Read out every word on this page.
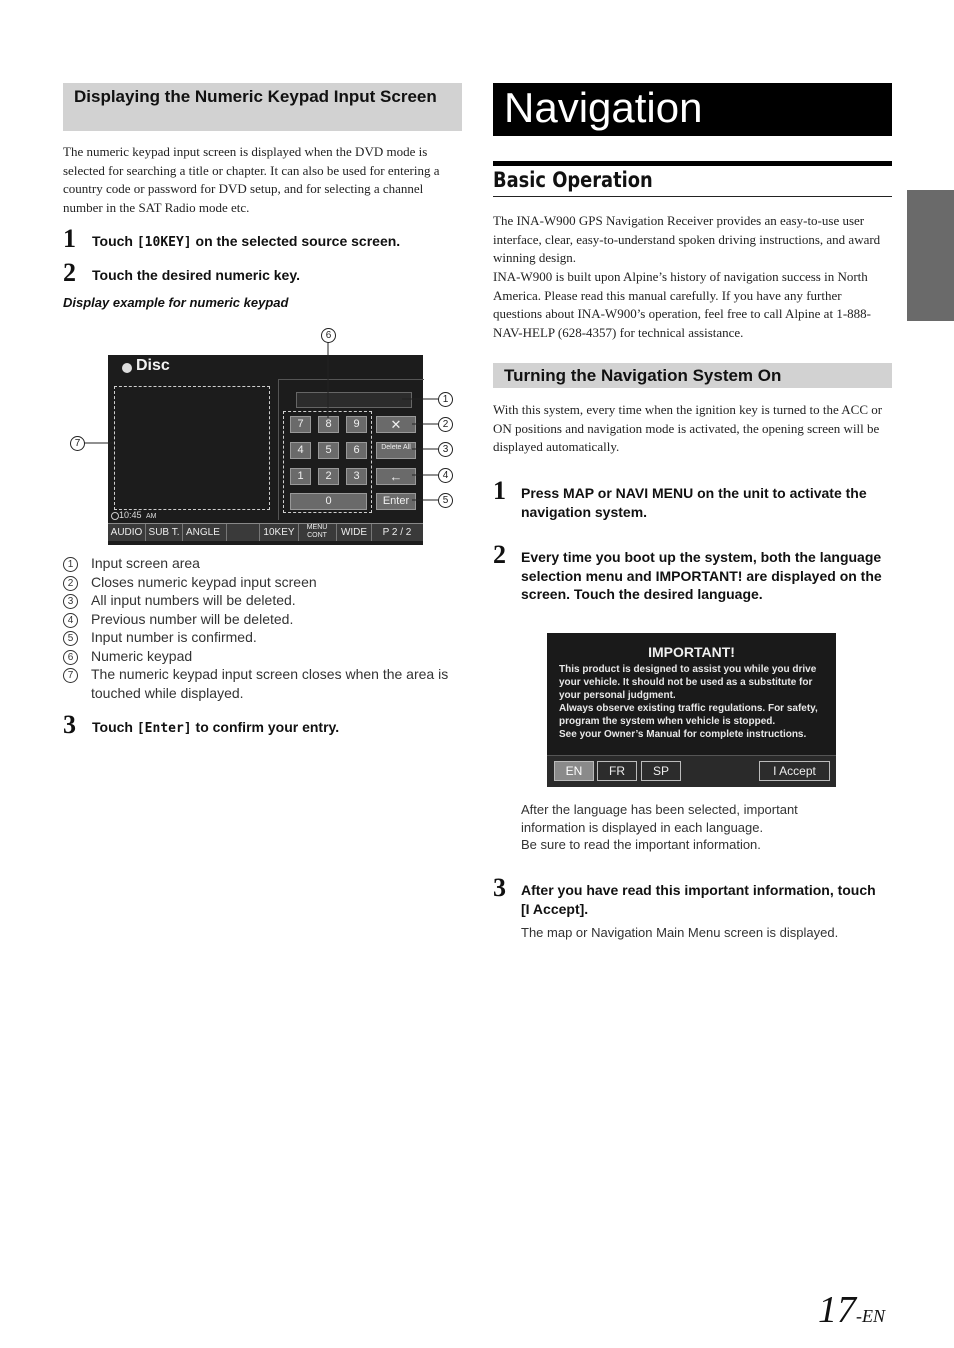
Displaying the Numeric Keypad Input Screen
The numeric keypad input screen is displayed when the DVD mode is selected for searching a title or chapter. It can also be used for entering a country code or password for DVD setup, and for selecting a channel number in the SAT Radio mode etc.
1 Touch [10KEY] on the selected source screen.
2 Touch the desired numeric key.
Display example for numeric keypad
Disc
10:45 AM
7	8	9
4	5	6
1	2	3
0
✕
Delete All
←
Enter
AUDIO SUB T. ANGLE	10KEY	MENU CONT	WIDE	P 2 / 2
6
1
2
3
4
5
7
1 Input screen area
2 Closes numeric keypad input screen
3 All input numbers will be deleted.
4 Previous number will be deleted.
5 Input number is confirmed.
6 Numeric keypad
7	The numeric keypad input screen closes when the area is touched while displayed.
3 Touch [Enter] to confirm your entry.
Navigation
Basic Operation
The INA-W900 GPS Navigation Receiver provides an easy-to-use user interface, clear, easy-to-understand spoken driving instructions, and award winning design.
INA-W900 is built upon Alpine’s history of navigation success in North America. Please read this manual carefully. If you have any further questions about INA-W900’s operation, feel free to call Alpine at 1-888-NAV-HELP (628-4357) for technical assistance.
Turning the Navigation System On
With this system, every time when the ignition key is turned to the ACC or ON positions and navigation mode is activated, the opening screen will be displayed automatically.
1 Press MAP or NAVI MENU on the unit to activate the navigation system.
2 Every time you boot up the system, both the language selection menu and IMPORTANT! are displayed on the screen. Touch the desired language.
IMPORTANT!
This product is designed to assist you while you drive
your vehicle. It should not be used as a substitute for
your personal judgment.
Always observe existing traffic regulations. For safety,
program the system when vehicle is stopped.
See your Owner’s Manual for complete instructions.
EN	FR	SP	I Accept
After the language has been selected, important
information is displayed in each language.
Be sure to read the important information.
3 After you have read this important information, touch [I Accept].
The map or Navigation Main Menu screen is displayed.
17-EN
